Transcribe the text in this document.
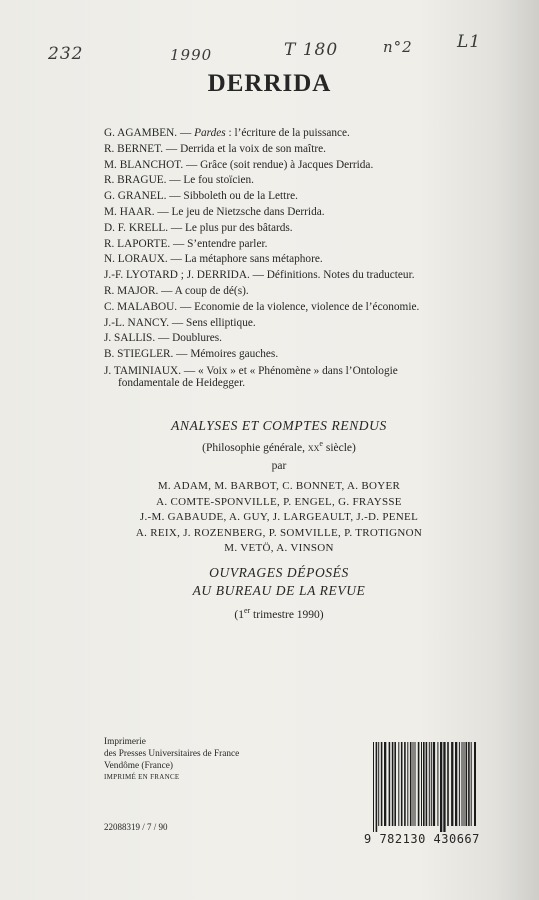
232	1990	T 180	n°2	L1
DERRIDA
G. AGAMBEN. — Pardes : l’écriture de la puissance.
R. BERNET. — Derrida et la voix de son maître.
M. BLANCHOT. — Grâce (soit rendue) à Jacques Derrida.
R. BRAGUE. — Le fou stoïcien.
G. GRANEL. — Sibboleth ou de la Lettre.
M. HAAR. — Le jeu de Nietzsche dans Derrida.
D. F. KRELL. — Le plus pur des bâtards.
R. LAPORTE. — S’entendre parler.
N. LORAUX. — La métaphore sans métaphore.
J.-F. LYOTARD ; J. DERRIDA. — Définitions. Notes du traducteur.
R. MAJOR. — A coup de dé(s).
C. MALABOU. — Economie de la violence, violence de l’économie.
J.-L. NANCY. — Sens elliptique.
J. SALLIS. — Doublures.
B. STIEGLER. — Mémoires gauches.
J. TAMINIAUX. — « Voix » et « Phénomène » dans l’Ontologie fondamentale de Heidegger.
ANALYSES ET COMPTES RENDUS
(Philosophie générale, $xx^e$ siècle)
par
M. ADAM, M. BARBOT, C. BONNET, A. BOYER
A. COMTE-SPONVILLE, P. ENGEL, G. FRAYSSE
J.-M. GABAUDE, A. GUY, J. LARGEAULT, J.-D. PENEL
A. REIX, J. ROZENBERG, P. SOMVILLE, P. TROTIGNON
M. VETÖ, A. VINSON
OUVRAGES DÉPOSÉS
AU BUREAU DE LA REVUE
(1er trimestre 1990)
Imprimerie
des Presses Universitaires de France
Vendôme (France)
IMPRIMÉ EN FRANCE
22088319 / 7 / 90
9 782130 430667
